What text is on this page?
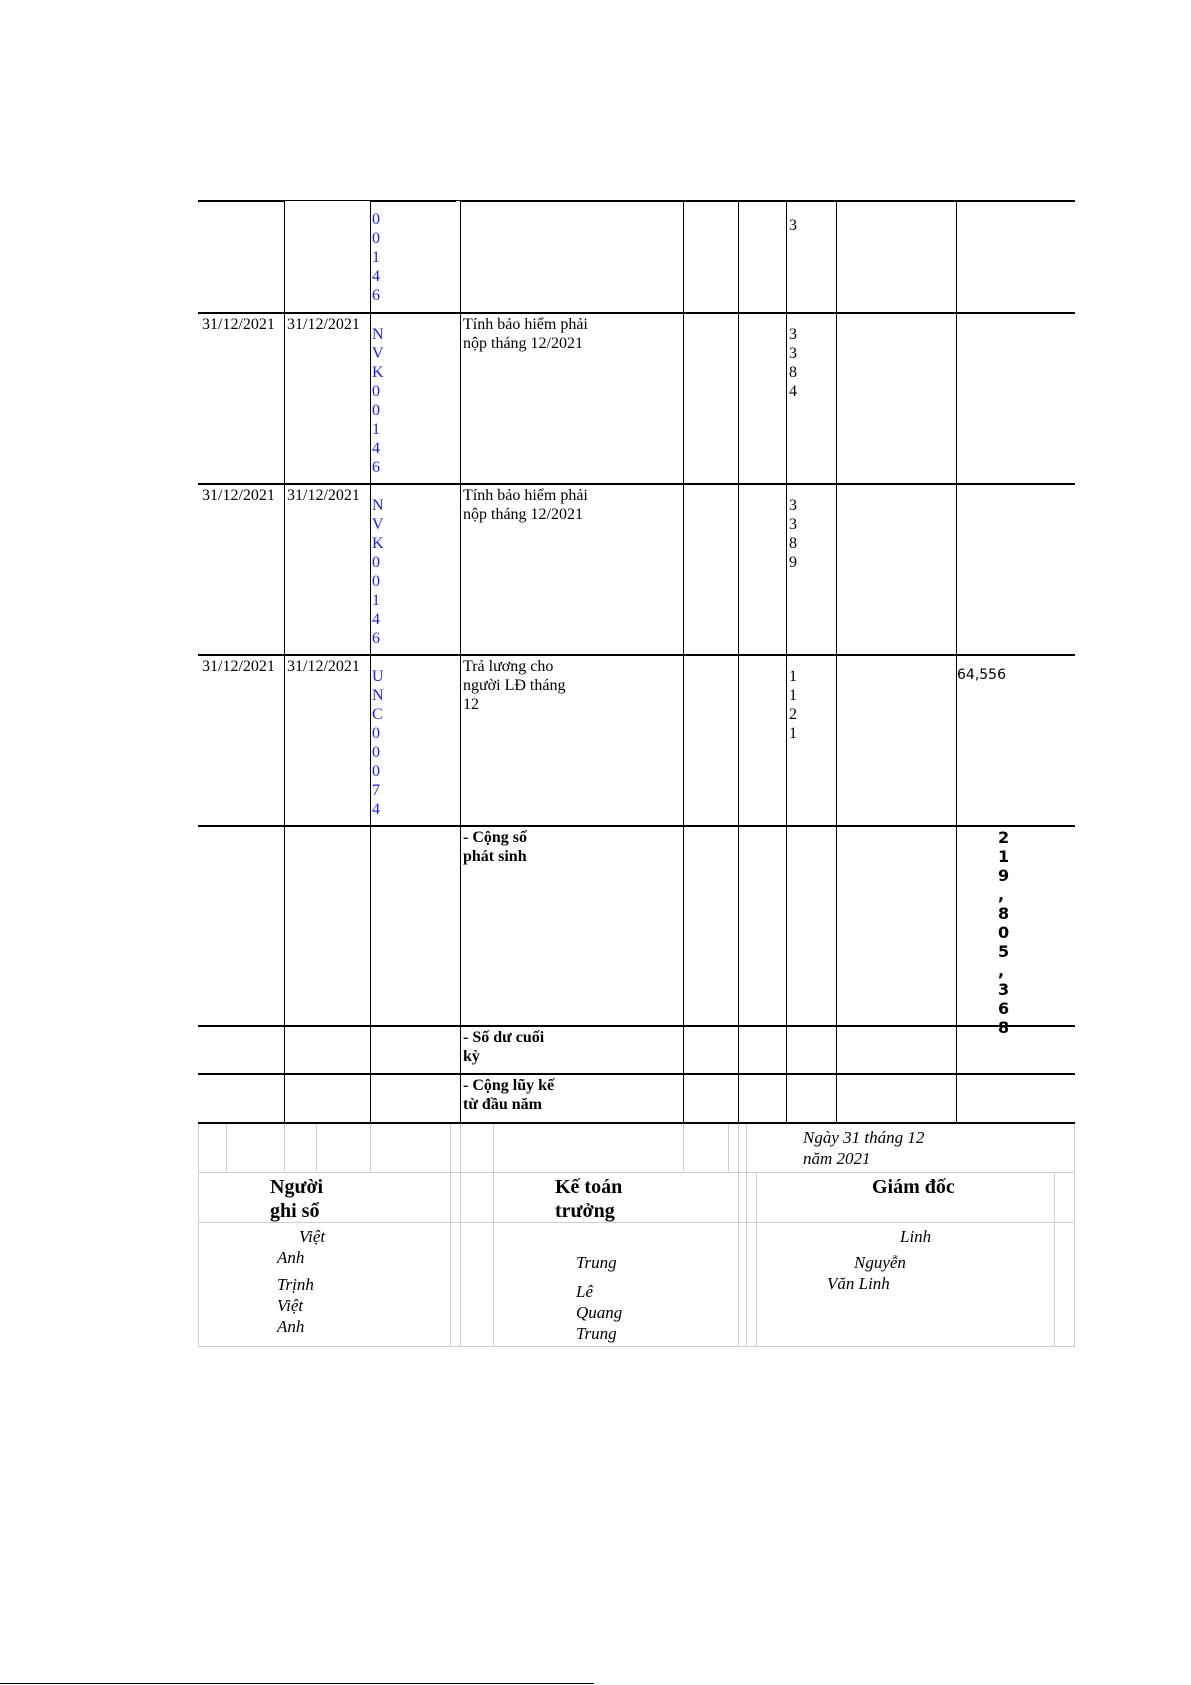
0
0
1
4
6
3
31/12/2021 31/12/2021
N
V
K
0
0
1
4
6
Tính bảo hiểm phải nộp tháng 12/2021
3
3
8
4
31/12/2021 31/12/2021
N
V
K
0
0
1
4
6
Tính bảo hiểm phải nộp tháng 12/2021
3
3
8
9
31/12/2021 31/12/2021
U
N
C
0
0
0
7
4
Trả lương cho người LĐ tháng 12
1
1
2
1
64,556
- Cộng số
phát sinh
2
1
9
,
8
0
5
,
3
6
8
- Số dư cuối
kỳ
- Cộng lũy kế
từ đầu năm
Ngày 31 tháng 12
năm 2021
Người
ghi sổ
Kế toán
trưởng
Giám đốc
Việt
Anh
Trịnh
Việt
Anh
Trung
Lê
Quang
Trung
Linh
Nguyễn
Văn Linh
